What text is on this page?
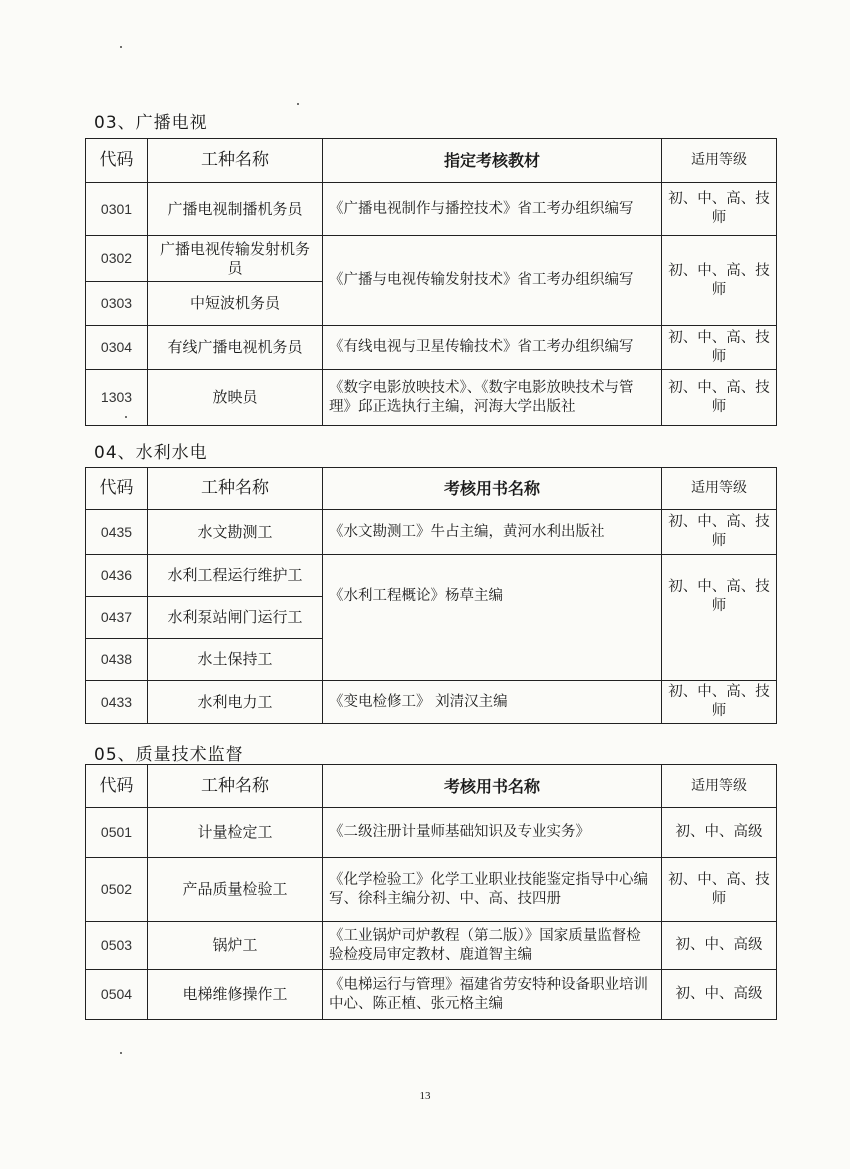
03、广播电视
代码	工种名称	指定考核教材	适用等级
0301	广播电视制播机务员	《广播电视制作与播控技术》省工考办组织编写	初、中、高、技师
0302	广播电视传输发射机务员	《广播与电视传输发射技术》省工考办组织编写	初、中、高、技师
0303	中短波机务员		
0304	有线广播电视机务员	《有线电视与卫星传输技术》省工考办组织编写	初、中、高、技师
1303	放映员	《数字电影放映技术》、《数字电影放映技术与管理》邱正选执行主编，河海大学出版社	初、中、高、技师
04、水利水电
代码	工种名称	考核用书名称	适用等级
0435	水文勘测工	《水文勘测工》牛占主编，黄河水利出版社	初、中、高、技师
0436	水利工程运行维护工	《水利工程概论》杨草主编	初、中、高、技师
0437	水利泵站闸门运行工		
0438	水土保持工		
0433	水利电力工	《变电检修工》 刘清汉主编	初、中、高、技师
05、质量技术监督
代码	工种名称	考核用书名称	适用等级
0501	计量检定工	《二级注册计量师基础知识及专业实务》	初、中、高级
0502	产品质量检验工	《化学检验工》化学工业职业技能鉴定指导中心编写、徐科主编分初、中、高、技四册	初、中、高、技师
0503	锅炉工	《工业锅炉司炉教程（第二版）》国家质量监督检验检疫局审定教材、鹿道智主编	初、中、高级
0504	电梯维修操作工	《电梯运行与管理》福建省劳安特种设备职业培训中心、陈正植、张元格主编	初、中、高级
13
